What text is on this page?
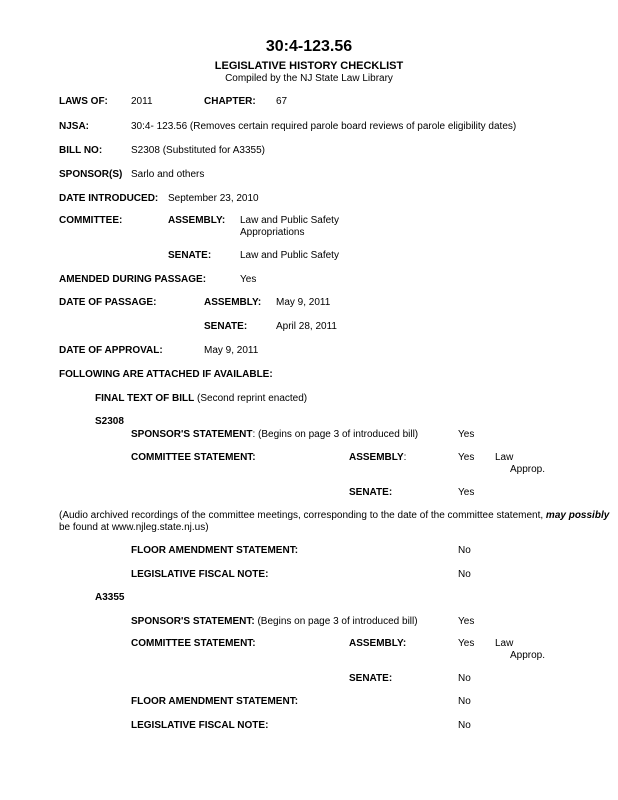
30:4-123.56
LEGISLATIVE HISTORY CHECKLIST
Compiled by the NJ State Law Library
LAWS OF: 2011	CHAPTER: 67
NJSA:	30:4- 123.56 (Removes certain required parole board reviews of parole eligibility dates)
BILL NO:	S2308 (Substituted for A3355)
SPONSOR(S) Sarlo and others
DATE INTRODUCED: September 23, 2010
COMMITTEE:	ASSEMBLY: Law and Public Safety
Appropriations
SENATE:	Law and Public Safety
AMENDED DURING PASSAGE:	Yes
DATE OF PASSAGE:	ASSEMBLY: May 9, 2011
SENATE:	April 28, 2011
DATE OF APPROVAL:	May 9, 2011
FOLLOWING ARE ATTACHED IF AVAILABLE:
FINAL TEXT OF BILL (Second reprint enacted)
S2308
SPONSOR'S STATEMENT: (Begins on page 3 of introduced bill)	Yes
COMMITTEE STATEMENT:	ASSEMBLY:	Yes Law
Approp.
SENATE:	Yes
(Audio archived recordings of the committee meetings, corresponding to the date of the committee statement, may possibly
be found at www.njleg.state.nj.us)
FLOOR AMENDMENT STATEMENT:	No
LEGISLATIVE FISCAL NOTE:	No
A3355
SPONSOR'S STATEMENT: (Begins on page 3 of introduced bill)	Yes
COMMITTEE STATEMENT:	ASSEMBLY:	Yes Law
Approp.
SENATE:	No
FLOOR AMENDMENT STATEMENT:	No
LEGISLATIVE FISCAL NOTE:	No
